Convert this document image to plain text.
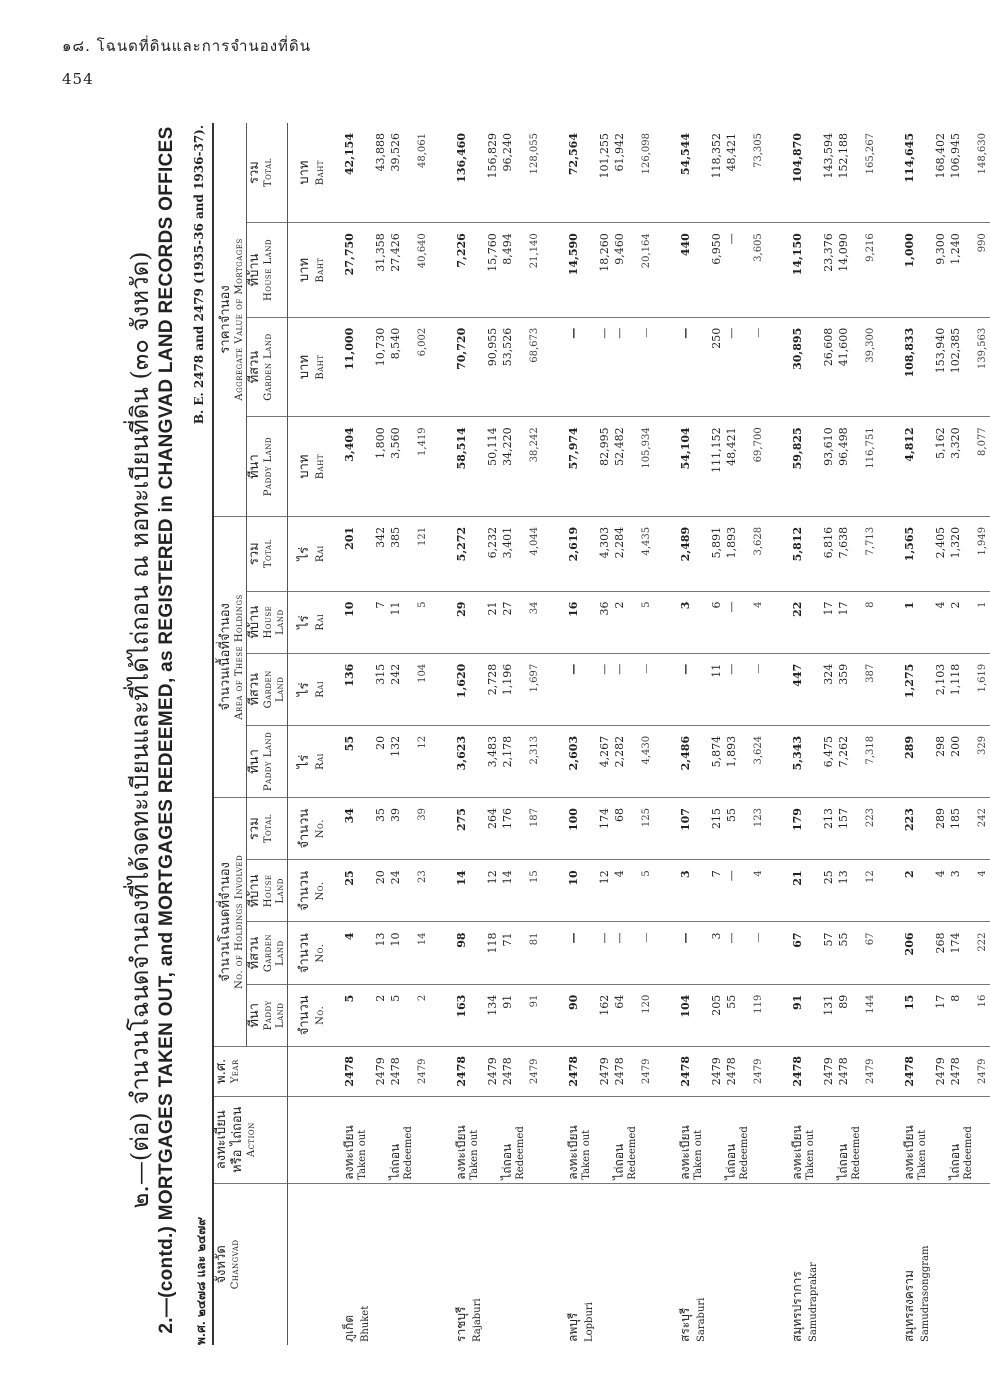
๑๘. โฉนดที่ดินและการจำนองที่ดิน
454
๒.—(ต่อ) จำนวนโฉนดจำนองที่ได้จดทะเบียนและที่ได้ไถ่ถอน ณ หอทะเบียนที่ดิน (๓๐ จังหวัด) 2.—(contd.) MORTGAGES TAKEN OUT, and MORTGAGES REDEEMED, as REGISTERED in CHANGVAD LAND RECORDS OFFICES พ.ศ. ๒๔๗๘ และ ๒๔๗๙
B. E. 2478 and 2479 (1935-36 and 1936-37).
จังหวัด Changvad	ลงทะเบียน หรือ ไถ่ถอน Action	พ.ศ. Year	จำนวนโฉนดที่จำนอง No. of Holdings Involved				จำนวนเนื้อที่จำนอง Area of These Holdings				ราคาจำนอง Aggregate Value of Mortgages			

			ที่นา Paddy Land	ที่สวน Garden Land	ที่บ้าน House Land	รวม Total	ที่นา Paddy Land	ที่สวน Garden Land	ที่บ้าน House Land	รวม Total	ที่นา Paddy Land	ที่สวน Garden Land	ที่บ้าน House Land	รวม Total

			จำนวน No.	จำนวน No.	จำนวน No.	จำนวน No.	ไร่ Rai	ไร่ Rai	ไร่ Rai	ไร่ Rai	บาท Baht	บาท Baht	บาท Baht	บาท Baht

ภูเก็ต Bhuket	ลงทะเบียน Taken out	2478	5	4	25	34	55	136	10	201	3,404	11,000	27,750	42,154
		2479	2	13	20	35	20	315	7	342	1,800	10,730	31,358	43,888

	ไถ่ถอน Redeemed	2478	5	10	24	39	132	242	11	385	3,560	8,540	27,426	39,526
		2479	2	14	23	39	12	104	5	121	1,419	6,002	40,640	48,061

ราชบุรี Rajaburi	ลงทะเบียน Taken out	2478	163	98	14	275	3,623	1,620	29	5,272	58,514	70,720	7,226	136,460
		2479	134	118	12	264	3,483	2,728	21	6,232	50,114	90,955	15,760	156,829

	ไถ่ถอน Redeemed	2478	91	71	14	176	2,178	1,196	27	3,401	34,220	53,526	8,494	96,240
		2479	91	81	15	187	2,313	1,697	34	4,044	38,242	68,673	21,140	128,055

ลพบุรี Lopburi	ลงทะเบียน Taken out	2478	90	—	10	100	2,603	—	16	2,619	57,974	—	14,590	72,564
		2479	162	—	12	174	4,267	—	36	4,303	82,995	—	18,260	101,255

	ไถ่ถอน Redeemed	2478	64	—	4	68	2,282	—	2	2,284	52,482	—	9,460	61,942
		2479	120	—	5	125	4,430	—	5	4,435	105,934	—	20,164	126,098

สระบุรี Saraburi	ลงทะเบียน Taken out	2478	104	—	3	107	2,486	—	3	2,489	54,104	—	440	54,544
		2479	205	3	7	215	5,874	11	6	5,891	111,152	250	6,950	118,352

	ไถ่ถอน Redeemed	2478	55	—	—	55	1,893	—	—	1,893	48,421	—	—	48,421
		2479	119	—	4	123	3,624	—	4	3,628	69,700	—	3,605	73,305

สมุทรปราการ Samudraprakar	ลงทะเบียน Taken out	2478	91	67	21	179	5,343	447	22	5,812	59,825	30,895	14,150	104,870
		2479	131	57	25	213	6,475	324	17	6,816	93,610	26,608	23,376	143,594

	ไถ่ถอน Redeemed	2478	89	55	13	157	7,262	359	17	7,638	96,498	41,600	14,090	152,188
		2479	144	67	12	223	7,318	387	8	7,713	116,751	39,300	9,216	165,267

สมุทรสงคราม Samudrasonggram	ลงทะเบียน Taken out	2478	15	206	2	223	289	1,275	1	1,565	4,812	108,833	1,000	114,645
		2479	17	268	4	289	298	2,103	4	2,405	5,162	153,940	9,300	168,402

	ไถ่ถอน Redeemed	2478	8	174	3	185	200	1,118	2	1,320	3,320	102,385	1,240	106,945
		2479	16	222	4	242	329	1,619	1	1,949	8,077	139,563	990	148,630
